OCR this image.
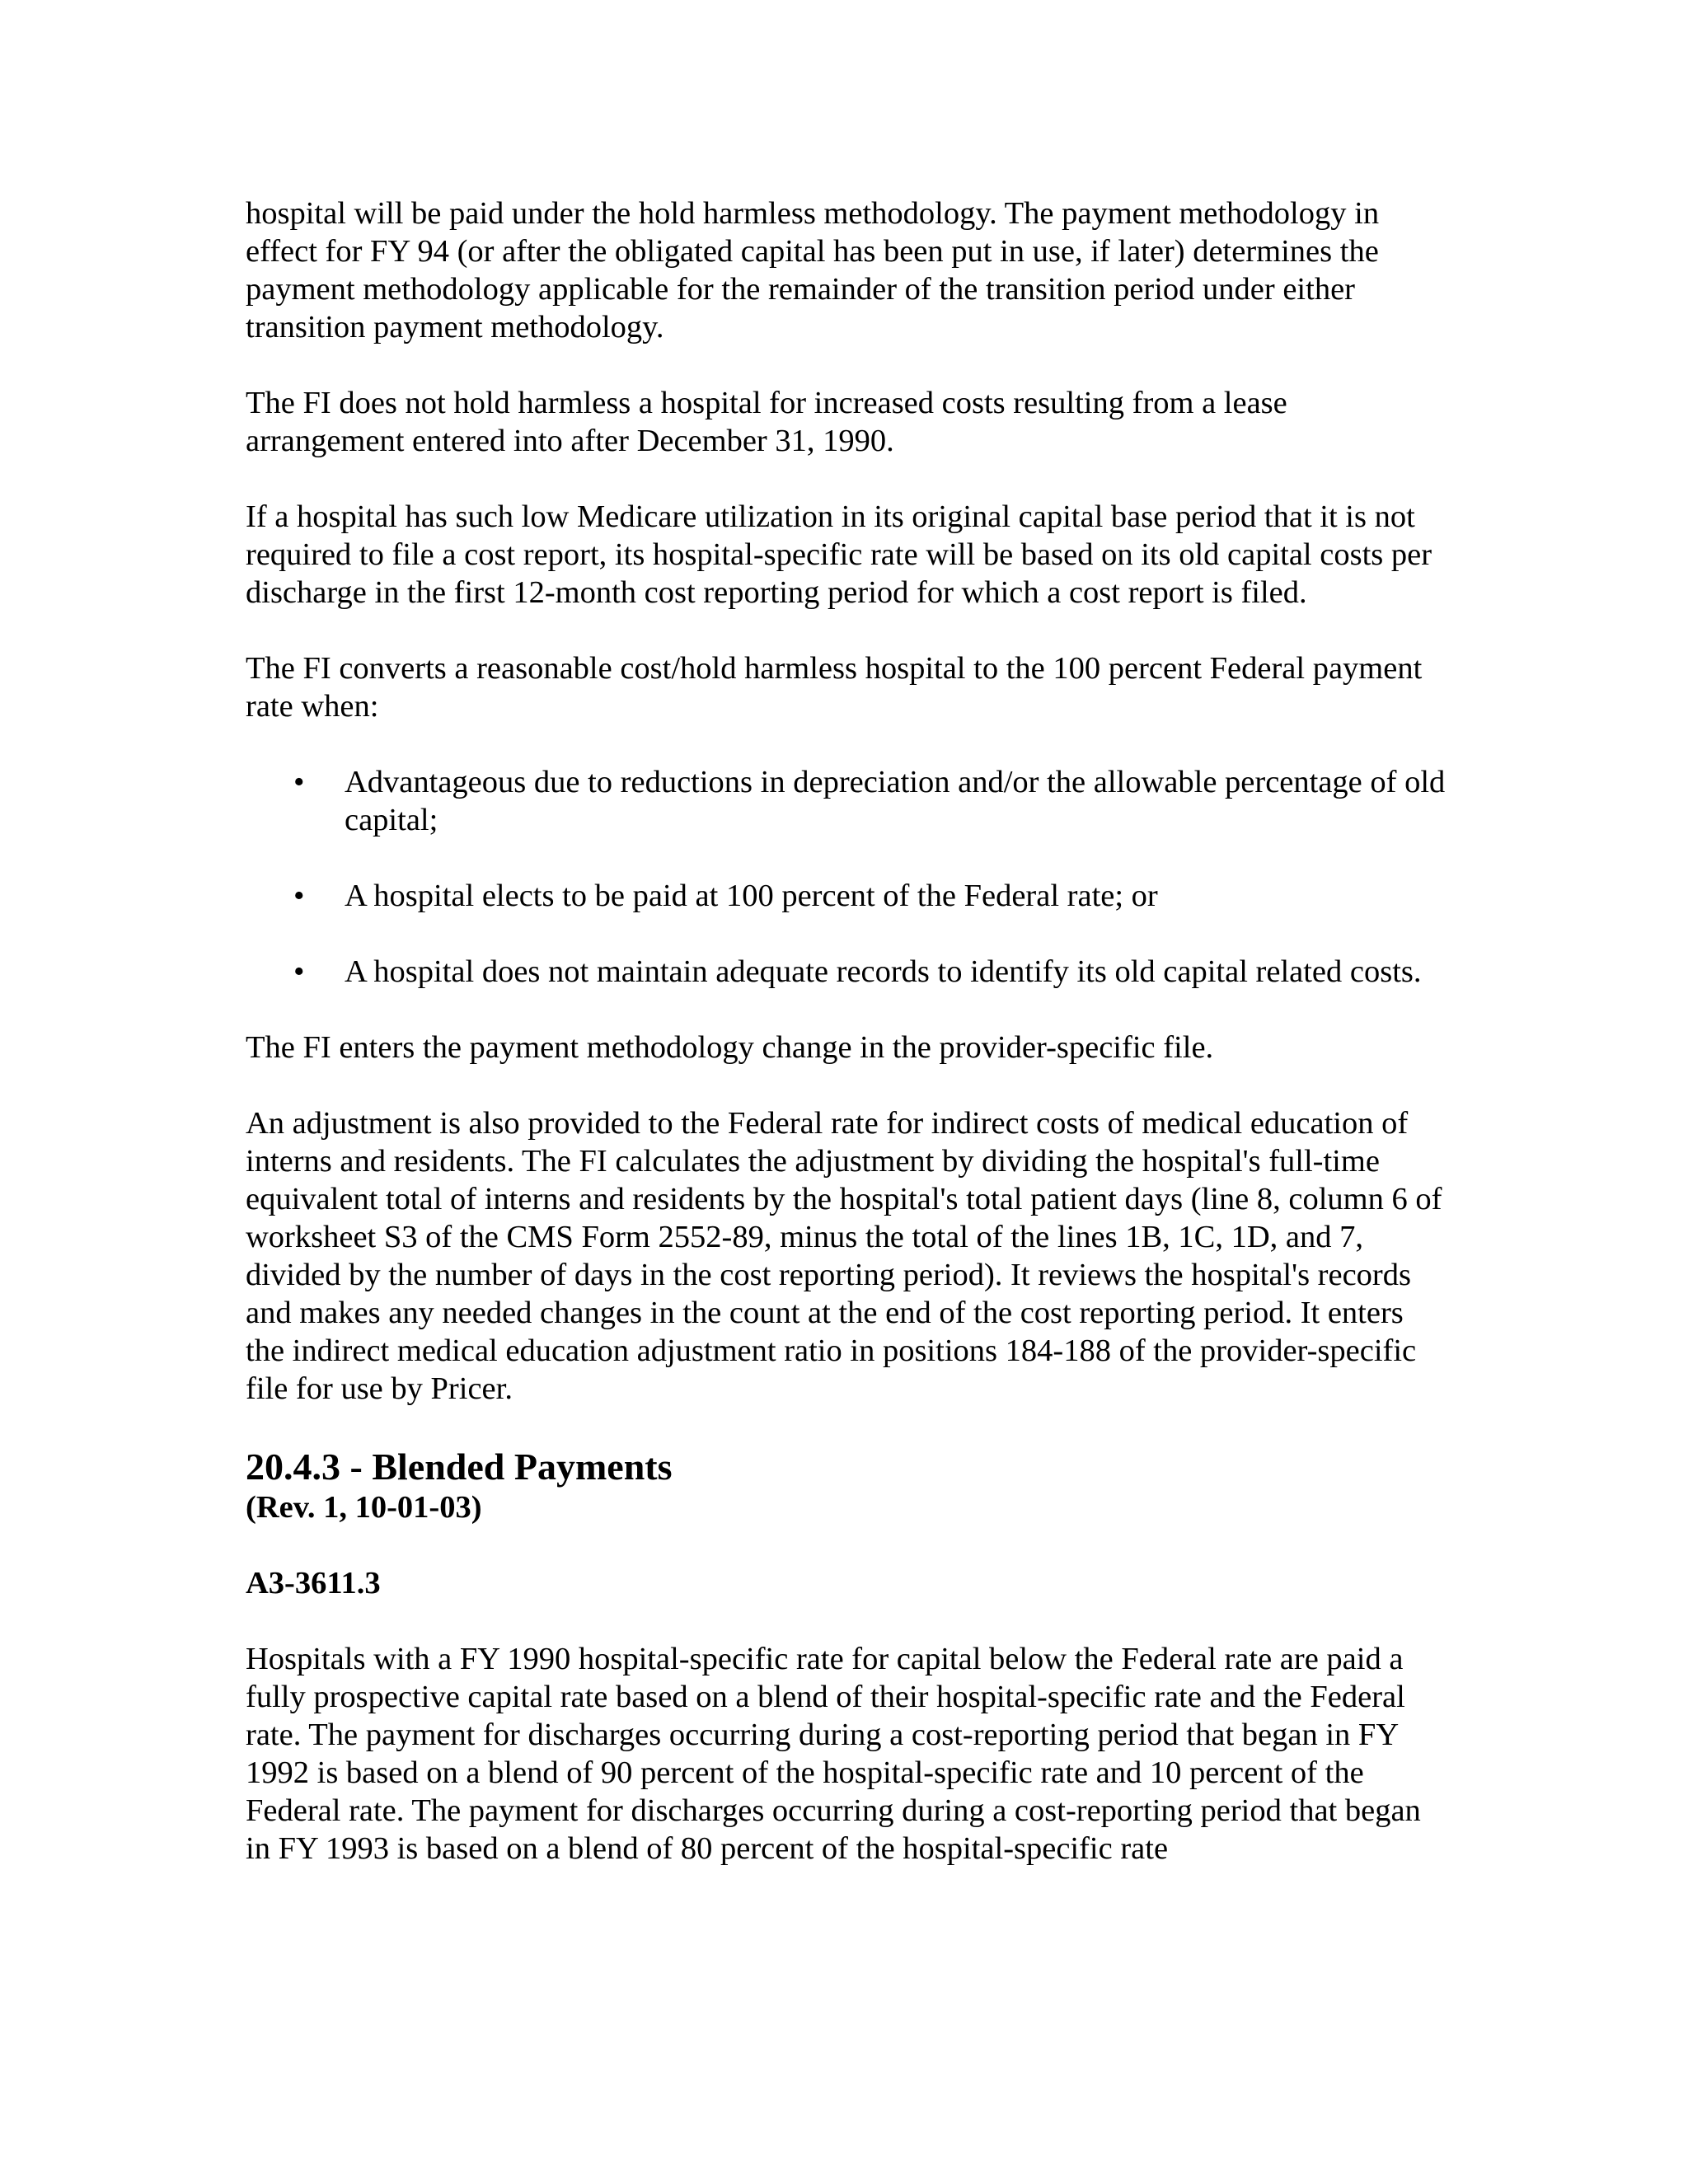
hospital will be paid under the hold harmless methodology. The payment methodology in effect for FY 94 (or after the obligated capital has been put in use, if later) determines the payment methodology applicable for the remainder of the transition period under either transition payment methodology.

The FI does not hold harmless a hospital for increased costs resulting from a lease arrangement entered into after December 31, 1990.

If a hospital has such low Medicare utilization in its original capital base period that it is not required to file a cost report, its hospital-specific rate will be based on its old capital costs per discharge in the first 12-month cost reporting period for which a cost report is filed.

The FI converts a reasonable cost/hold harmless hospital to the 100 percent Federal payment rate when:

• Advantageous due to reductions in depreciation and/or the allowable percentage of old capital;
• A hospital elects to be paid at 100 percent of the Federal rate; or
• A hospital does not maintain adequate records to identify its old capital related costs.

The FI enters the payment methodology change in the provider-specific file.

An adjustment is also provided to the Federal rate for indirect costs of medical education of interns and residents. The FI calculates the adjustment by dividing the hospital's full-time equivalent total of interns and residents by the hospital's total patient days (line 8, column 6 of worksheet S3 of the CMS Form 2552-89, minus the total of the lines 1B, 1C, 1D, and 7, divided by the number of days in the cost reporting period). It reviews the hospital's records and makes any needed changes in the count at the end of the cost reporting period. It enters the indirect medical education adjustment ratio in positions 184-188 of the provider-specific file for use by Pricer.

20.4.3 - Blended Payments
(Rev. 1, 10-01-03)
A3-3611.3

Hospitals with a FY 1990 hospital-specific rate for capital below the Federal rate are paid a fully prospective capital rate based on a blend of their hospital-specific rate and the Federal rate. The payment for discharges occurring during a cost-reporting period that began in FY 1992 is based on a blend of 90 percent of the hospital-specific rate and 10 percent of the Federal rate. The payment for discharges occurring during a cost-reporting period that began in FY 1993 is based on a blend of 80 percent of the hospital-specific rate
